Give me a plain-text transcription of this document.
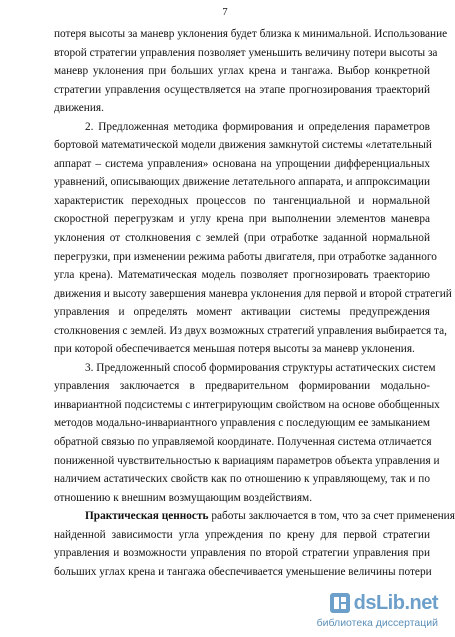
7
потеря высоты за маневр уклонения будет близка к минимальной. Использование
второй стратегии управления позволяет уменьшить величину потери высоты за
маневр уклонения при больших углах крена и тангажа. Выбор конкретной
стратегии управления осуществляется на этапе прогнозирования траекторий
движения.
2. Предложенная методика формирования и определения параметров
бортовой математической модели движения замкнутой системы «летательный
аппарат – система управления» основана на упрощении дифференциальных
уравнений, описывающих движение летательного аппарата, и аппроксимации
характеристик переходных процессов по тангенциальной и нормальной
скоростной перегрузкам и углу крена при выполнении элементов маневра
уклонения от столкновения с землей (при отработке заданной нормальной
перегрузки, при изменении режима работы двигателя, при отработке заданного
угла крена). Математическая модель позволяет прогнозировать траекторию
движения и высоту завершения маневра уклонения для первой и второй стратегий
управления и определять момент активации системы предупреждения
столкновения с землей. Из двух возможных стратегий управления выбирается та,
при которой обеспечивается меньшая потеря высоты за маневр уклонения.
3. Предложенный способ формирования структуры астатических систем
управления заключается в предварительном формировании модально-
инвариантной подсистемы с интегрирующим свойством на основе обобщенных
методов модально-инвариантного управления с последующим ее замыканием
обратной связью по управляемой координате. Полученная система отличается
пониженной чувствительностью к вариациям параметров объекта управления и
наличием астатических свойств как по отношению к управляющему, так и по
отношению к внешним возмущающим воздействиям.
Практическая ценность работы заключается в том, что за счет применения
найденной зависимости угла упреждения по крену для первой стратегии
управления и возможности управления по второй стратегии управления при
больших углах крена и тангажа обеспечивается уменьшение величины потери
dsLib.net
библиотека диссертаций
